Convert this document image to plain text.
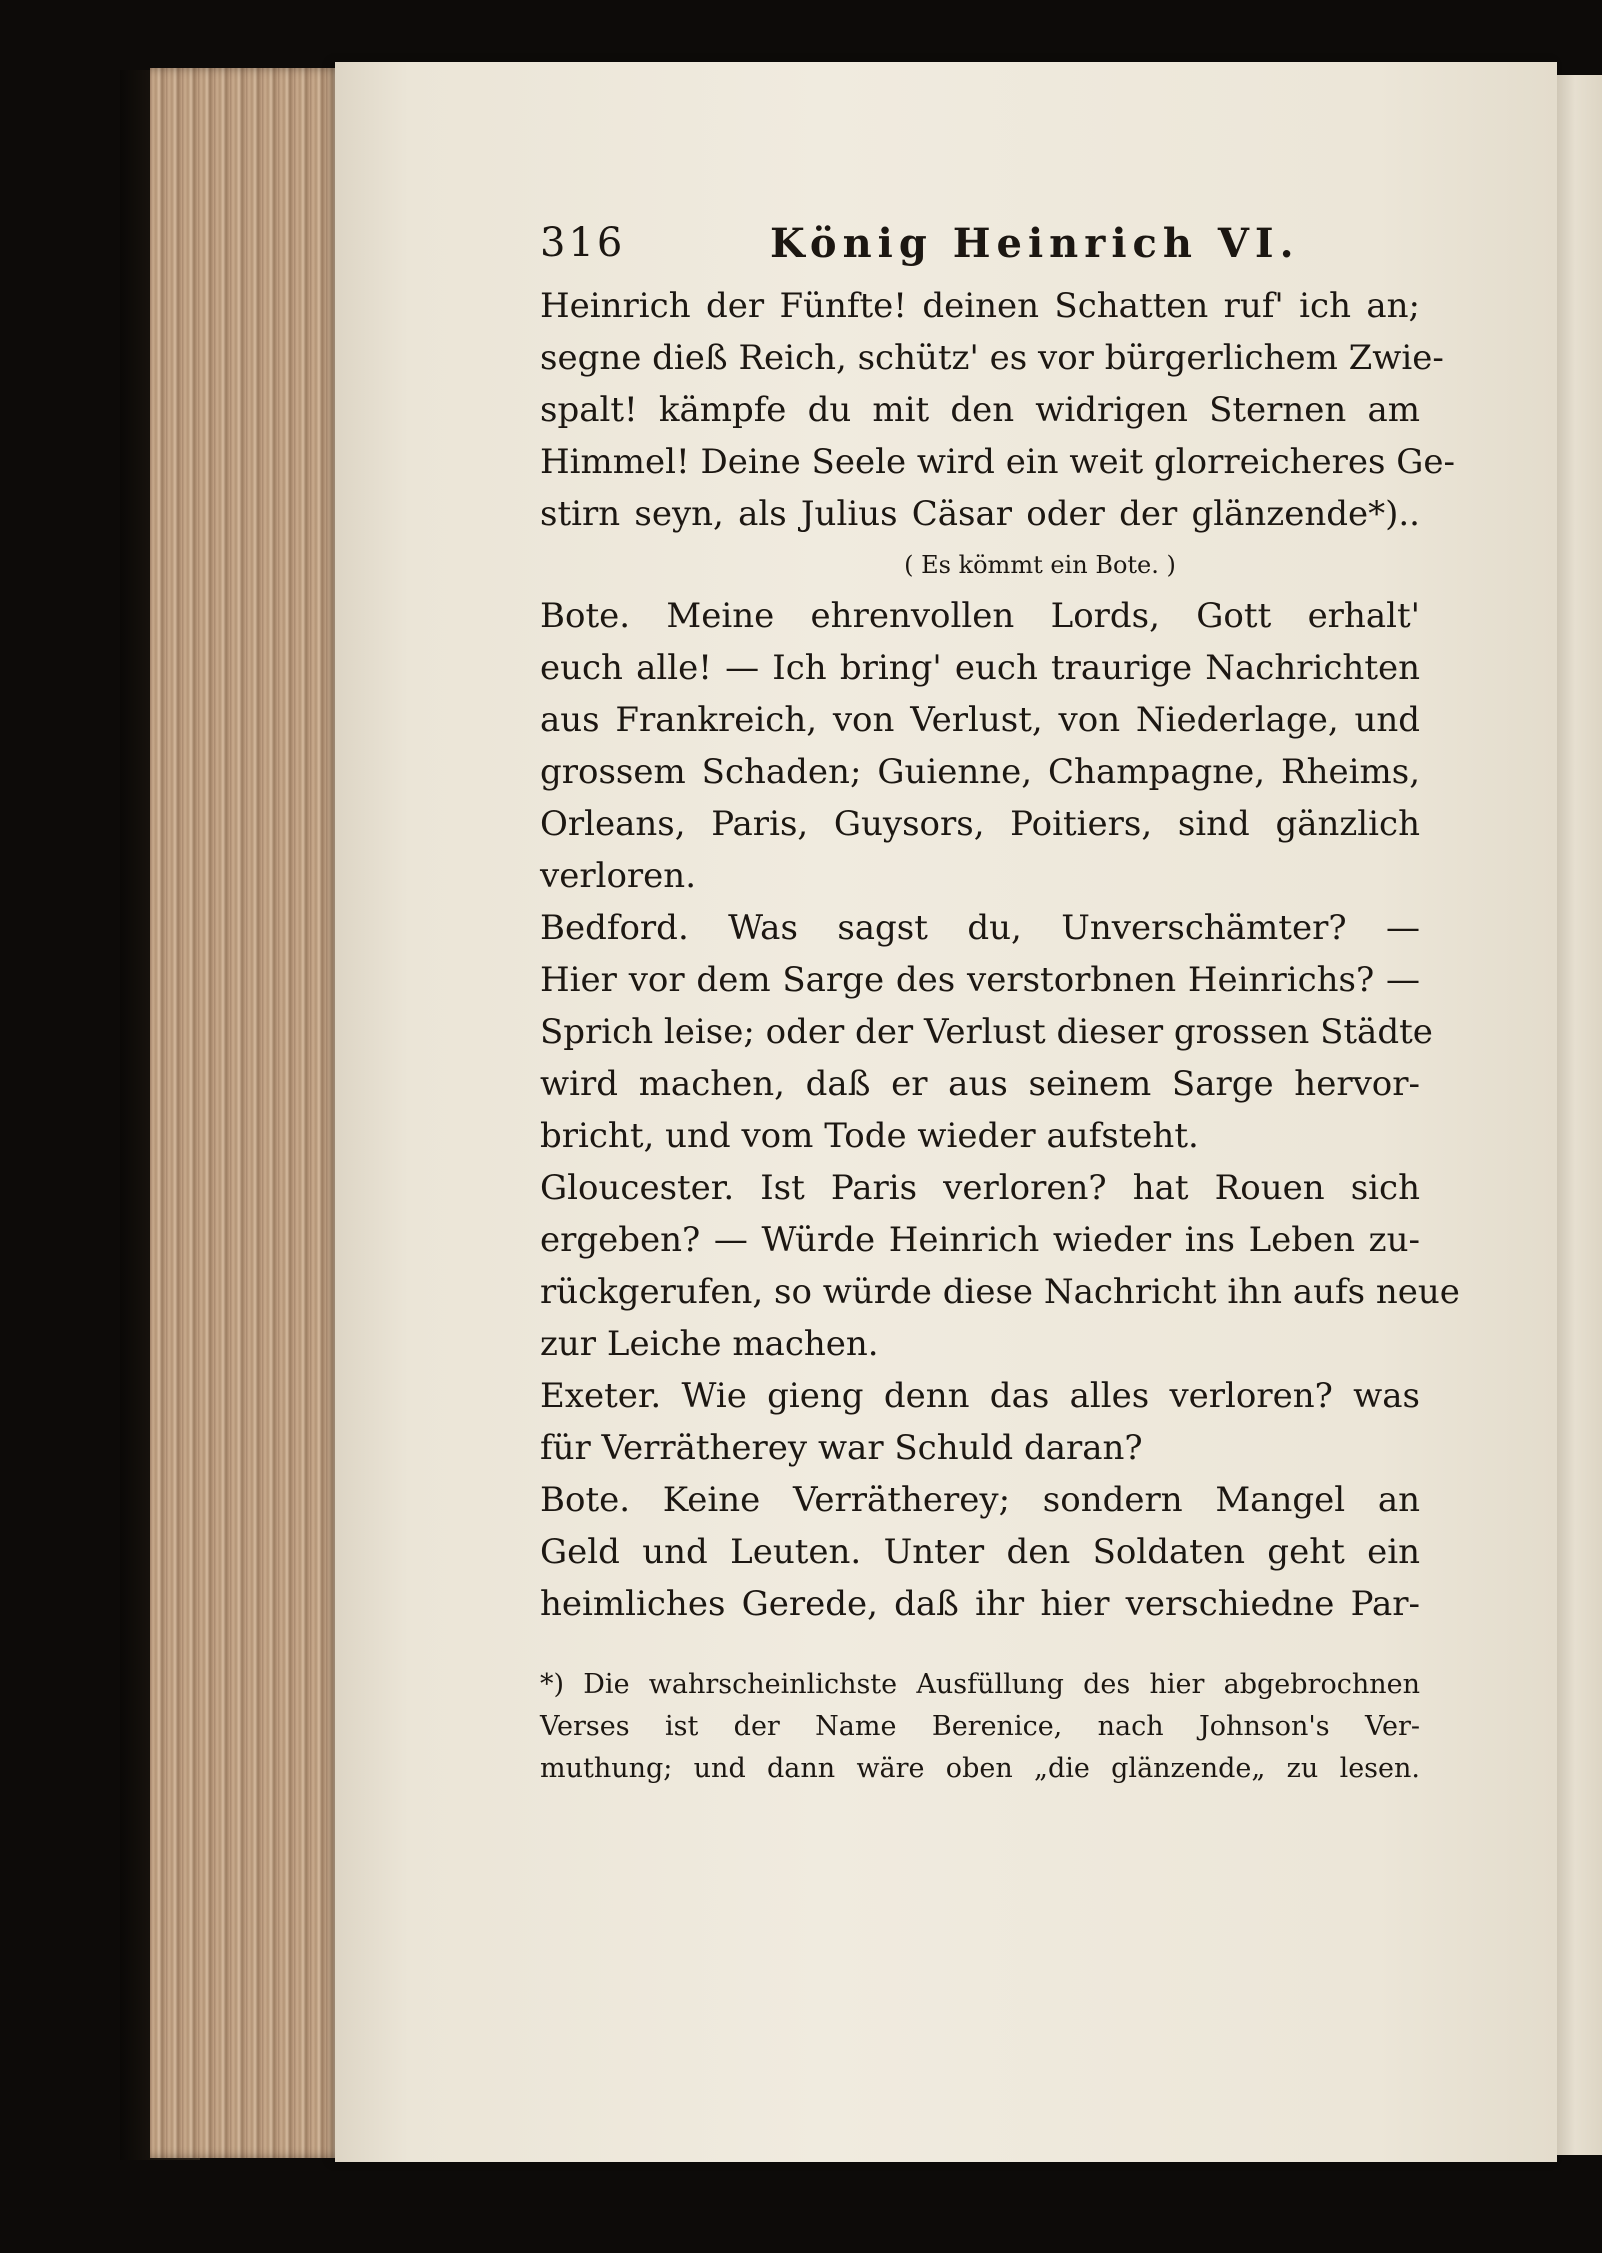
316	König Heinrich VI.
Heinrich der Fünfte! deinen Schatten ruf' ich an;
segne dieß Reich, schütz' es vor bürgerlichem Zwie-
spalt! kämpfe du mit den widrigen Sternen am
Himmel! Deine Seele wird ein weit glorreicheres Ge-
stirn seyn, als Julius Cäsar oder der glänzende*)..
( Es kömmt ein Bote. )
Bote. Meine ehrenvollen Lords, Gott erhalt'
euch alle! — Ich bring' euch traurige Nachrichten
aus Frankreich, von Verlust, von Niederlage, und
grossem Schaden; Guienne, Champagne, Rheims,
Orleans, Paris, Guysors, Poitiers, sind gänzlich
verloren.
Bedford. Was sagst du, Unverschämter? —
Hier vor dem Sarge des verstorbnen Heinrichs? —
Sprich leise; oder der Verlust dieser grossen Städte
wird machen, daß er aus seinem Sarge hervor-
bricht, und vom Tode wieder aufsteht.
Gloucester. Ist Paris verloren? hat Rouen sich
ergeben? — Würde Heinrich wieder ins Leben zu-
rückgerufen, so würde diese Nachricht ihn aufs neue
zur Leiche machen.
Exeter. Wie gieng denn das alles verloren? was
für Verrätherey war Schuld daran?
Bote. Keine Verrätherey; sondern Mangel an
Geld und Leuten. Unter den Soldaten geht ein
heimliches Gerede, daß ihr hier verschiedne Par-
*) Die wahrscheinlichste Ausfüllung des hier abgebrochnen
Verses ist der Name Berenice, nach Johnson's Ver-
muthung; und dann wäre oben „die glänzende„ zu lesen.
